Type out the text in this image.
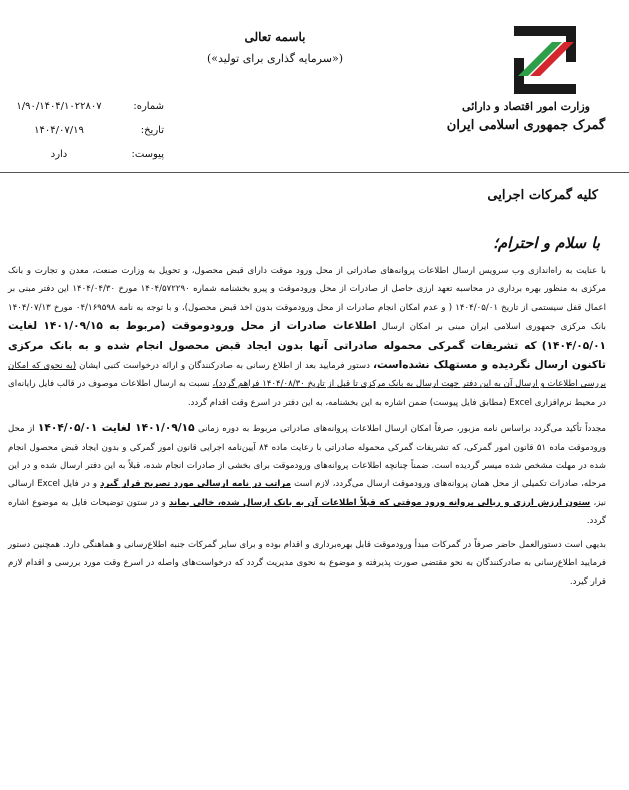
وزارت امور اقتصاد و دارائی
گمرک جمهوری اسلامی ایران
باسمه تعالی
(«سرمایه گذاری برای تولید»)
شماره:
۱/۹۰/۱۴۰۴/۱۰۲۲۸۰۷
تاریخ:
۱۴۰۴/۰۷/۱۹
پیوست:
دارد
کلیه گمرکات اجرایی
با سلام و احترام؛

با عنایت به راه‌اندازی وب سرویس ارسال اطلاعات پروانه‌های صادراتی از محل ورود موقت دارای قبض محصول، و تحویل به وزارت صنعت، معدن و تجارت و بانک مرکزی به منظور بهره برداری در محاسبه تعهد ارزی حاصل از صادرات از محل ورودموقت و پیرو بخشنامه شماره ۱۴۰۴/۵۷۲۲۹۰ مورخ ۱۴۰۴/۰۴/۳۰ این دفتر مبنی بر اعمال قفل سیستمی از تاریخ ۱۴۰۴/۰۵/۰۱ ( و عدم امکان انجام صادرات از محل ورودموقت بدون اخذ قبض محصول)، و با توجه به نامه ۰۴/۱۶۹۵۹۸ مورخ ۱۴۰۴/۰۷/۱۳ بانک مرکزی جمهوری اسلامی ایران مبنی بر امکان ارسال اطلاعات صادرات از محل ورودوموقت (مربوط به ۱۴۰۱/۰۹/۱۵ لغایت ۱۴۰۴/۰۵/۰۱) که تشریفات گمرکی محموله صادراتی آنها بدون ایجاد قبض محصول انجام شده و به بانک مرکزی تاکنون ارسال نگردیده و مستهلک نشده‌است، دستور فرمایید بعد از اطلاع رسانی به صادرکنندگان و ارائه درخواست کتبی ایشان (به نحوی که امکان بررسی اطلاعات و ارسال آن به این دفتر جهت ارسال به بانک مرکزی تا قبل از تاریخ ۱۴۰۴/۰۸/۳۰ فراهم گردد)، نسبت به ارسال اطلاعات موصوف در قالب فایل رایانه‌ای در محیط نرم‌افزاری Excel (مطابق فایل پیوست) ضمن اشاره به این بخشنامه، به این دفتر در اسرع وقت اقدام گردد.

مجدداً تأکید می‌گردد براساس نامه مزبور، صرفاً امکان ارسال اطلاعات پروانه‌های صادراتی مربوط به دوره زمانی ۱۴۰۱/۰۹/۱۵ لغایت ۱۴۰۴/۰۵/۰۱ از محل ورودموقت ماده ۵۱ قانون امور گمرکی، که تشریفات گمرکی محموله صادراتی با رعایت ماده ۸۴ آیین‌نامه اجرایی قانون امور گمرکی و بدون ایجاد قبض محصول انجام شده در مهلت مشخص شده میسر گردیده است. ضمناً چنانچه اطلاعات پروانه‌های ورودموقت برای بخشی از صادرات انجام شده، قبلاً به این دفتر ارسال شده و در این مرحله، صادرات تکمیلی از محل همان پروانه‌های ورودموقت ارسال می‌گردد، لازم است مراتب در نامه ارسالی مورد تصریح قرار گیرد و در فایل Excel ارسالی نیز، ستون ارزش ارزی و ریالی پروانه ورود موقتی که قبلاً اطلاعات آن به بانک ارسال شده، خالی بماند و در ستون توضیحات فایل به موضوع اشاره گردد.

بدیهی است دستورالعمل حاضر صرفاً در گمرکات مبدأ ورودموقت قابل بهره‌برداری و اقدام بوده و برای سایر گمرکات جنبه اطلاع‌رسانی و هماهنگی دارد. همچنین دستور فرمایید اطلاع‌رسانی به صادرکنندگان به نحو مقتضی صورت پذیرفته و موضوع به نحوی مدیریت گردد که درخواست‌های واصله در اسرع وقت مورد بررسی و اقدام لازم قرار گیرد.
